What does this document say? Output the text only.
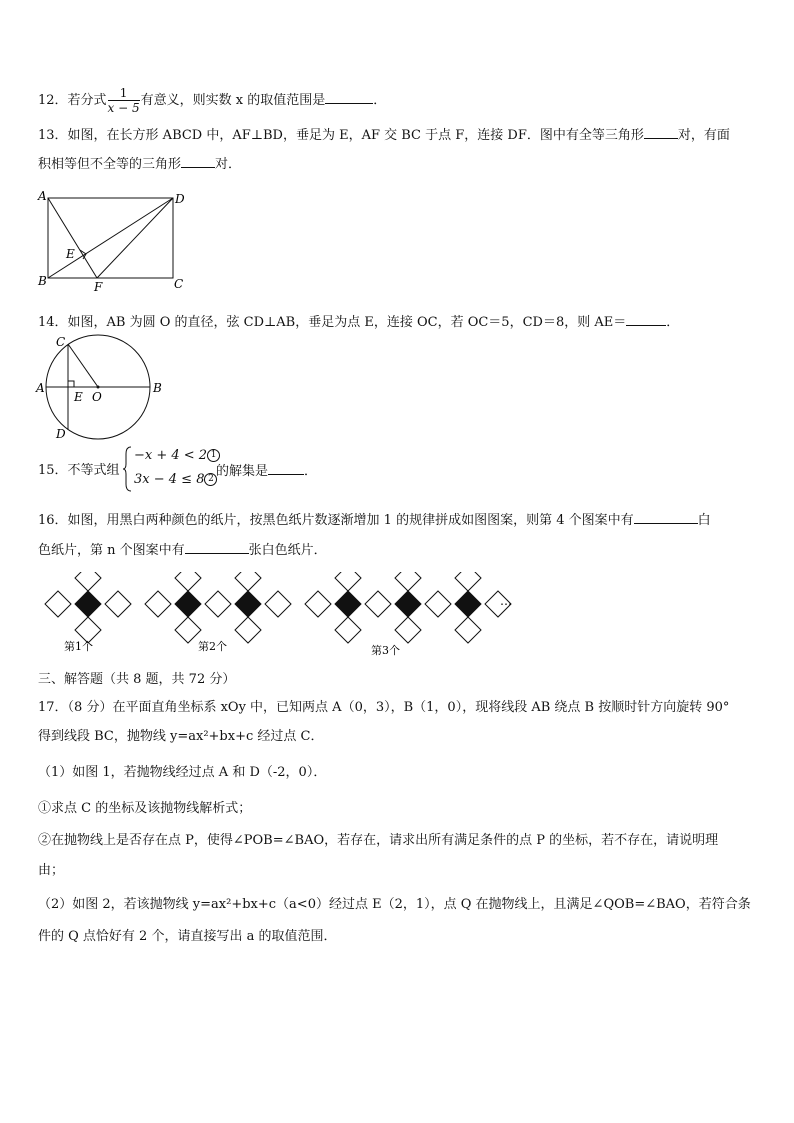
12．若分式 $\frac{1}{x - 5}$ 有意义，则实数 x 的取值范围是	．
13．如图，在长方形 ABCD 中，AF⊥BD，垂足为 E，AF 交 BC 于点 F，连接 DF．图中有全等三角形	对，有面
积相等但不全等的三角形	对．
A
B	C
D
E
F
14．如图，AB 为圆 O 的直径，弦 CD⊥AB，垂足为点 E，连接 OC，若 OC＝5，CD＝8，则 AE＝	．
A	B
C
D
E O
15．不等式组
−x + 4 < 2 1
3x − 4 ≤ 8 2 的解集是	．
16．如图，用黑白两种颜色的纸片，按黑色纸片数逐渐增加 1 的规律拼成如图图案，则第 4 个图案中有	白
色纸片，第 n 个图案中有	张白色纸片．
…
第1个	第2个	第3个
三、解答题（共 8 题，共 72 分）
17．（8 分）在平面直角坐标系 xOy 中，已知两点 A（0，3），B（1，0），现将线段 AB 绕点 B 按顺时针方向旋转 90°
得到线段 BC，抛物线 y=ax²+bx+c 经过点 C．
（1）如图 1，若抛物线经过点 A 和 D（-2，0）．
①求点 C 的坐标及该抛物线解析式；
②在抛物线上是否存在点 P，使得∠POB=∠BAO，若存在，请求出所有满足条件的点 P 的坐标，若不存在，请说明理
由；
（2）如图 2，若该抛物线 y=ax²+bx+c（a<0）经过点 E（2，1），点 Q 在抛物线上，且满足∠QOB=∠BAO，若符合条
件的 Q 点恰好有 2 个，请直接写出 a 的取值范围．
